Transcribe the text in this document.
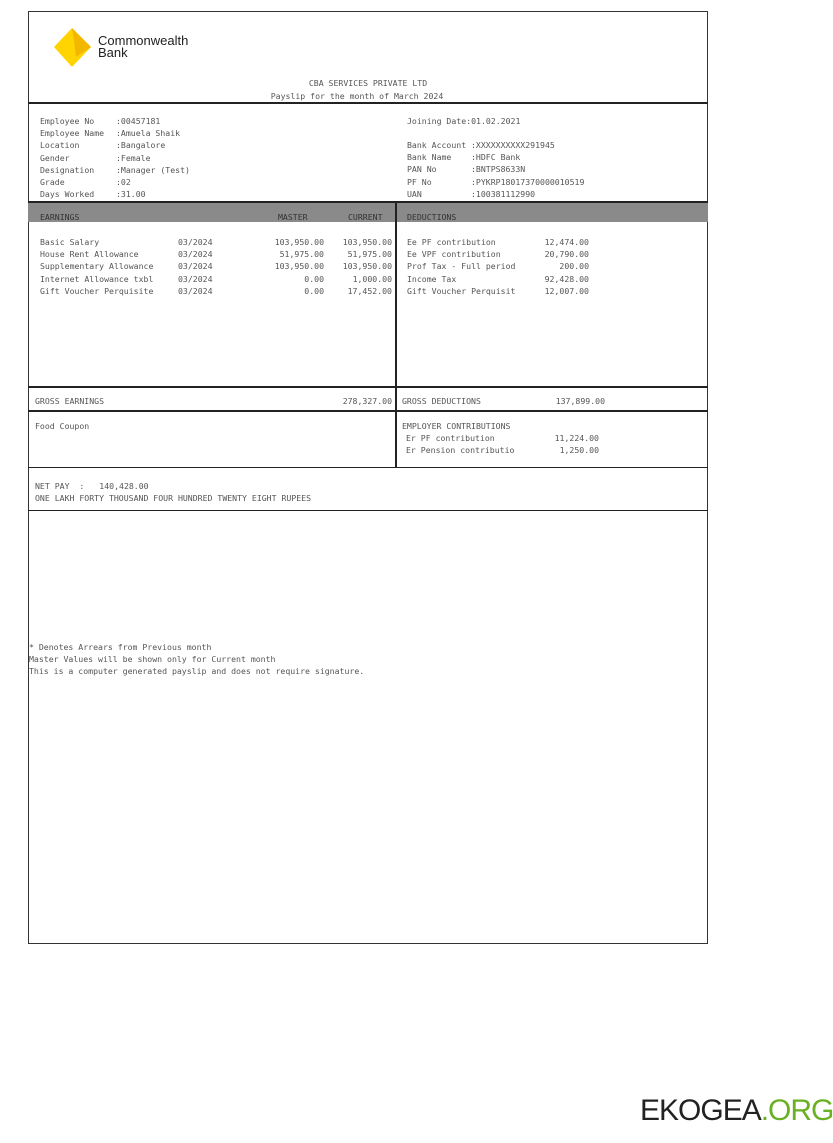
Commonwealth
Bank
CBA SERVICES PRIVATE LTD
Payslip for the month of March 2024
Employee No	:00457181
Employee Name :Amuela Shaik
Location	:Bangalore
Gender	:Female
Designation	:Manager (Test)
Grade	:02
Days Worked	:31.00
Joining Date:01.02.2021
Bank Account :XXXXXXXXXX291945
Bank Name :HDFC Bank
PAN No	:BNTPS8633N
PF No	:PYKRP18017370000010519
UAN	:100381112990
EARNINGS	MASTER	CURRENT	DEDUCTIONS
Basic Salary	03/2024	103,950.00 103,950.00
House Rent Allowance	03/2024	51,975.00	51,975.00
Supplementary Allowance	03/2024	103,950.00 103,950.00
Internet Allowance txbl	03/2024	0.00	1,000.00
Gift Voucher Perquisite	03/2024	0.00	17,452.00
Ee PF contribution	12,474.00
Ee VPF contribution	20,790.00
Prof Tax - Full period	200.00
Income Tax	92,428.00
Gift Voucher Perquisit	12,007.00
GROSS EARNINGS	278,327.00 GROSS DEDUCTIONS	137,899.00
Food Coupon	EMPLOYER CONTRIBUTIONS
Er PF contribution	11,224.00
Er Pension contributio	1,250.00
NET PAY  : 140,428.00
ONE LAKH FORTY THOUSAND FOUR HUNDRED TWENTY EIGHT RUPEES
* Denotes Arrears from Previous month
Master Values will be shown only for Current month
This is a computer generated payslip and does not require signature.
EKOGEA.ORG
